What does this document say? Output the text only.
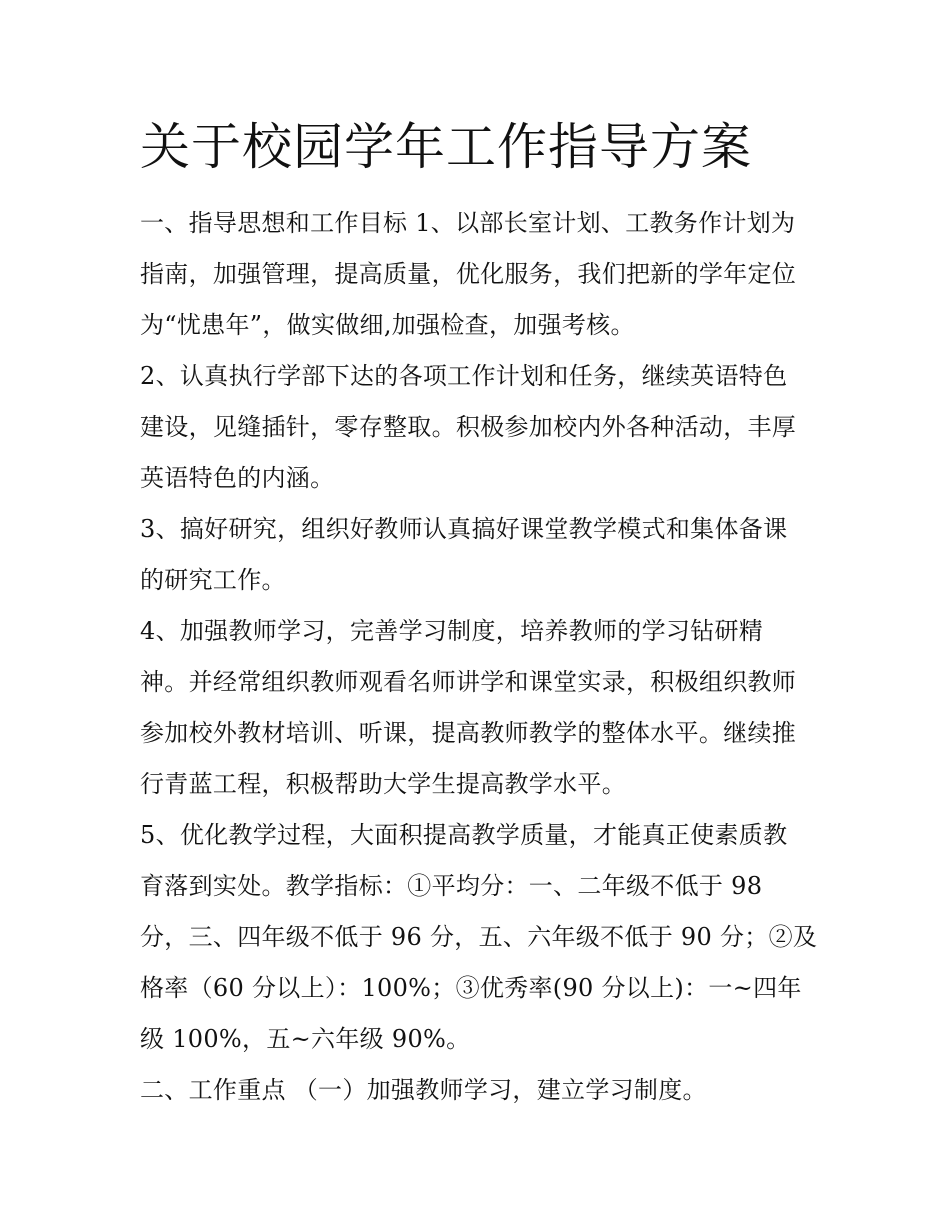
关于校园学年工作指导方案
一、指导思想和工作目标 1、以部长室计划、工教务作计划为
指南，加强管理，提高质量，优化服务，我们把新的学年定位
为“忧患年”，做实做细,加强检查，加强考核。
2、认真执行学部下达的各项工作计划和任务，继续英语特色
建设，见缝插针，零存整取。积极参加校内外各种活动，丰厚
英语特色的内涵。
3、搞好研究，组织好教师认真搞好课堂教学模式和集体备课
的研究工作。
4、加强教师学习，完善学习制度，培养教师的学习钻研精
神。并经常组织教师观看名师讲学和课堂实录，积极组织教师
参加校外教材培训、听课，提高教师教学的整体水平。继续推
行青蓝工程，积极帮助大学生提高教学水平。
5、优化教学过程，大面积提高教学质量，才能真正使素质教
育落到实处。教学指标：①平均分：一、二年级不低于 98
分，三、四年级不低于 96 分，五、六年级不低于 90 分；②及
格率（60 分以上）：100%；③优秀率(90 分以上)：一~四年
级 100%，五~六年级 90%。
二、工作重点 （一）加强教师学习，建立学习制度。
